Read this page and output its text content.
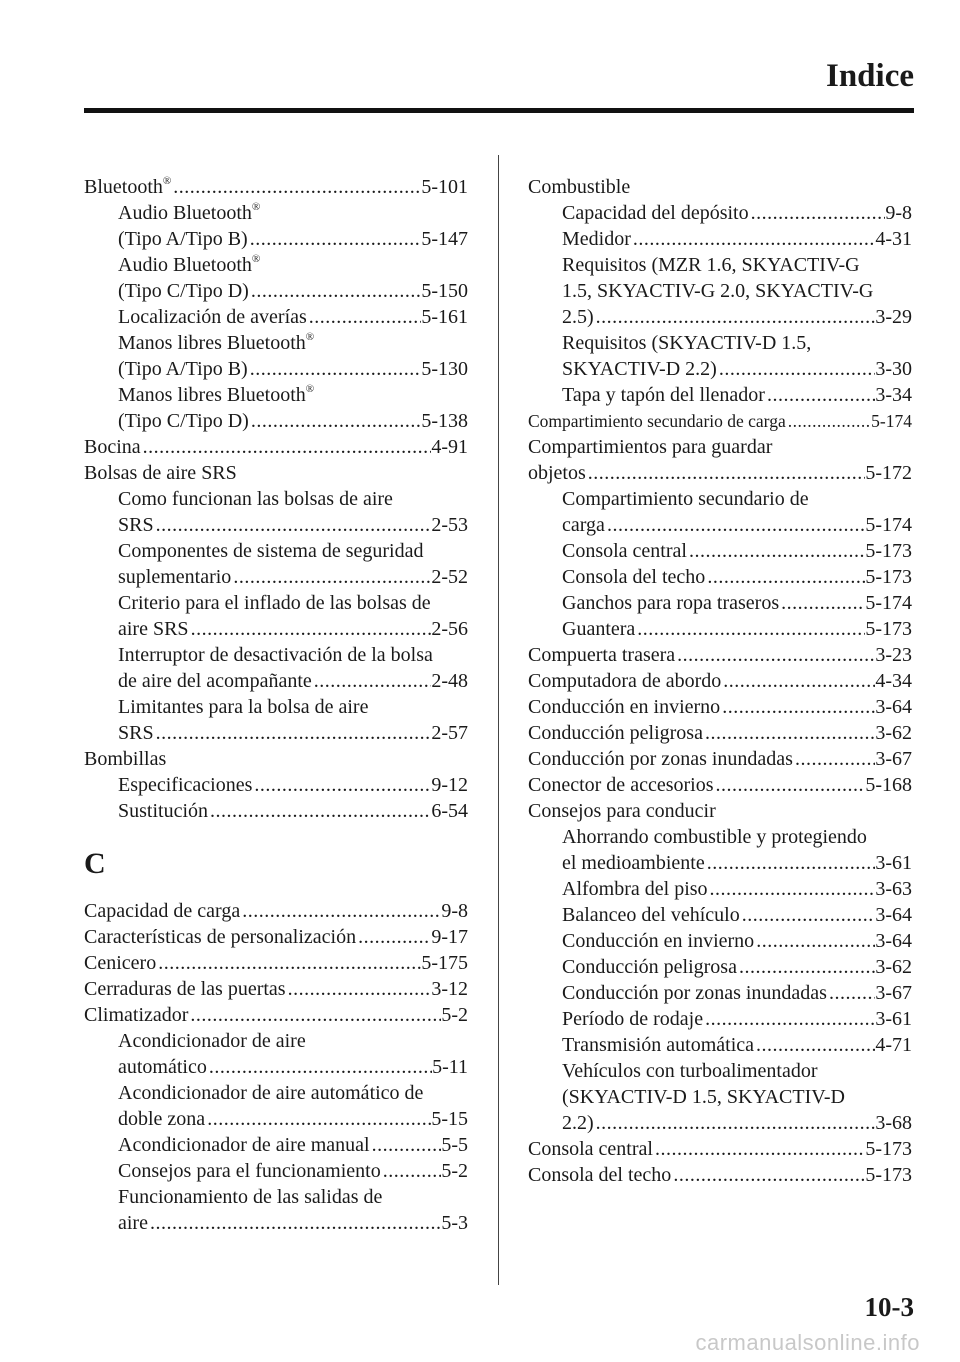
Indice
Bluetooth® .....	5-101
Audio Bluetooth®
(Tipo A/Tipo B) .....	5-147
Audio Bluetooth®
(Tipo C/Tipo D) .....	5-150
Localización de averías .....	5-161
Manos libres Bluetooth®
(Tipo A/Tipo B) .....	5-130
Manos libres Bluetooth®
(Tipo C/Tipo D) .....	5-138
Bocina .....	4-91
Bolsas de aire SRS
Como funcionan las bolsas de aire
SRS .....	2-53
Componentes de sistema de seguridad
suplementario .....	2-52
Criterio para el inflado de las bolsas de
aire SRS .....	2-56
Interruptor de desactivación de la bolsa
de aire del acompañante .....	2-48
Limitantes para la bolsa de aire
SRS .....	2-57
Bombillas
Especificaciones .....	9-12
Sustitución .....	6-54
C
Capacidad de carga .....	9-8
Características de personalización .....	9-17
Cenicero .....	5-175
Cerraduras de las puertas .....	3-12
Climatizador .....	5-2
Acondicionador de aire
automático .....	5-11
Acondicionador de aire automático de
doble zona .....	5-15
Acondicionador de aire manual .....	5-5
Consejos para el funcionamiento .....	5-2
Funcionamiento de las salidas de
aire .....	5-3
Combustible
Capacidad del depósito .....	9-8
Medidor .....	4-31
Requisitos (MZR 1.6, SKYACTIV-G
1.5, SKYACTIV-G 2.0, SKYACTIV-G
2.5) .....	3-29
Requisitos (SKYACTIV-D 1.5,
SKYACTIV-D 2.2) .....	3-30
Tapa y tapón del llenador .....	3-34
Compartimiento secundario de carga .....	5-174
Compartimientos para guardar
objetos .....	5-172
Compartimiento secundario de
carga .....	5-174
Consola central .....	5-173
Consola del techo .....	5-173
Ganchos para ropa traseros .....	5-174
Guantera .....	5-173
Compuerta trasera .....	3-23
Computadora de abordo .....	4-34
Conducción en invierno .....	3-64
Conducción peligrosa .....	3-62
Conducción por zonas inundadas .....	3-67
Conector de accesorios .....	5-168
Consejos para conducir
Ahorrando combustible y protegiendo
el medioambiente .....	3-61
Alfombra del piso .....	3-63
Balanceo del vehículo .....	3-64
Conducción en invierno .....	3-64
Conducción peligrosa .....	3-62
Conducción por zonas inundadas ..... 3-67
Período de rodaje .....	3-61
Transmisión automática .....	4-71
Vehículos con turboalimentador
(SKYACTIV-D 1.5, SKYACTIV-D
2.2) .....	3-68
Consola central .....	5-173
Consola del techo .....	5-173
10-3
carmanualsonline.info
